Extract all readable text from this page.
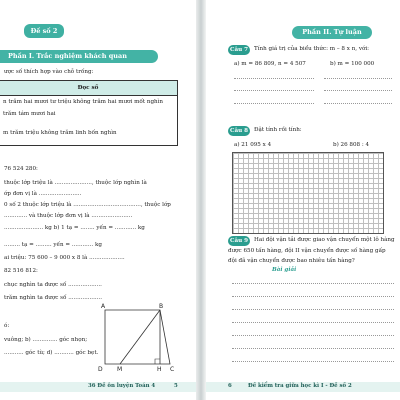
Đề số 2
Phần I. Trắc nghiệm khách quan
ược số thích hợp vào chỗ trống:
Đọc số
n trăm hai mươi tư triệu không trăm hai mươi mốt nghìn
trăm tám mươi hai
m trăm triệu không trăm linh bốn nghìn
76 524 280:
thuộc lớp triệu là ....................., thuộc lớp nghìn là
ớp đơn vị là ........................
0 số 2 thuộc lớp triệu là ......................................, thuộc lớp
............. và thuộc lớp đơn vị là .......................
...................... kg b) 1 tạ = ........ yến = ............ kg
......... tạ = ......... yến = ............ kg
ai triệu: 75 600 – 9 000 x 8 là ....................
82 516 812:
chục nghìn ta được số ...................
trăm nghìn ta được số ...................
ó:
vuông; b) .............. góc nhọn;
........... góc tù; d) ........... góc bẹt.
A	B
D M	H C
36 Đề ôn luyện Toán 4	5
Phần II. Tự luận
Câu 7	Tính giá trị của biểu thức: m – 8 x n, với:
a) m = 86 809, n = 4 507	b) m = 100 000
Câu 8	Đặt tính rồi tính:
a) 21 095 x 4	b) 26 808 : 4
Câu 9	Hai đội vận tải được giao vận chuyển một lô hàng
được 650 tấn hàng, đội II vận chuyển được số hàng gấp
đội đã vận chuyển được bao nhiêu tấn hàng?
Bài giải
6	Đề kiểm tra giữa học kì I - Đề số 2
